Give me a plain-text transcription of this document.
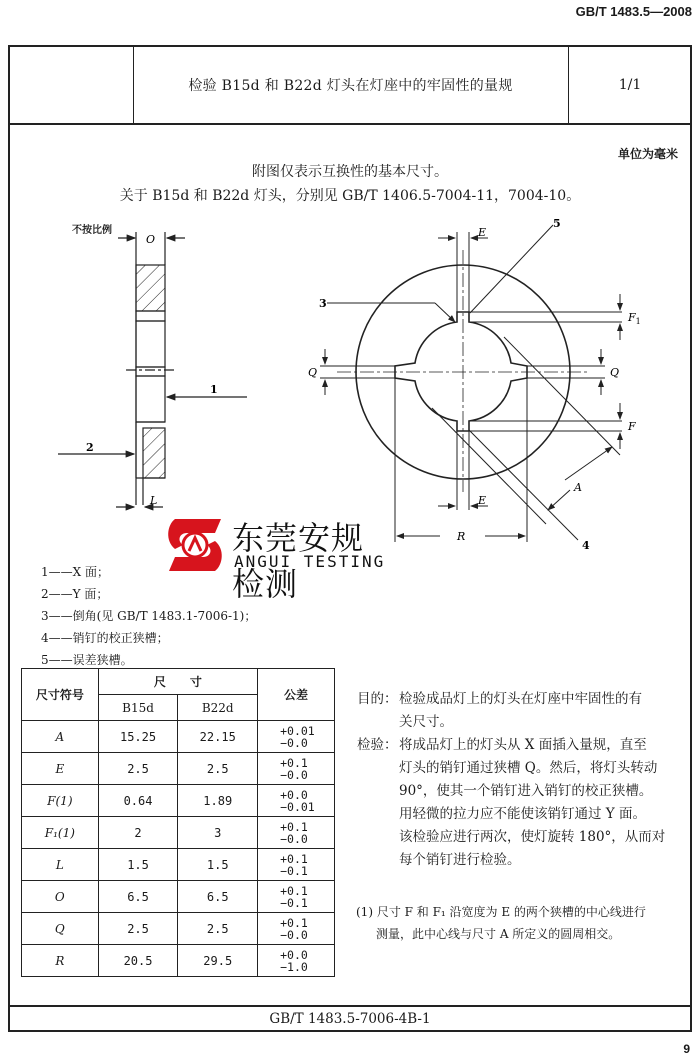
GB/T 1483.5—2008
检验 B15d 和 B22d 灯头在灯座中的牢固性的量规	1/1
单位为毫米
附图仅表示互换性的基本尺寸。
关于 B15d 和 B22d 灯头，分别见 GB/T 1406.5-7004-11，7004-10。
不按比例
O
L
1
2
E
E
$F_1$
F
Q	Q
R
A
3
5
4
东莞安规检测
ANGUI TESTING
1——X 面；
2——Y 面；
3——倒角(见 GB/T 1483.1-7006-1)；
4——销钉的校正狭槽；
5——误差狭槽。
尺寸符号	尺　　寸		公差
	B15d	B22d	
A	15.25	22.15	+0.01
−0.0

E	2.5	2.5	+0.1
−0.0

F(1)	0.64	1.89	+0.0
−0.01

F₁(1)	2	3	+0.1
−0.0

L	1.5	1.5	+0.1
−0.1

O	6.5	6.5	+0.1
−0.1

Q	2.5	2.5	+0.1
−0.0

R	20.5	29.5	+0.0
−1.0
目的： 检验成品灯上的灯头在灯座中牢固性的有
关尺寸。
检验： 将成品灯上的灯头从 X 面插入量规，直至
灯头的销钉通过狭槽 Q。然后，将灯头转动
90°，使其一个销钉进入销钉的校正狭槽。
用轻微的拉力应不能使该销钉通过 Y 面。
该检验应进行两次，使灯旋转 180°，从而对
每个销钉进行检验。
(1) 尺寸 F 和 F₁ 沿宽度为 E 的两个狭槽的中心线进行
测量，此中心线与尺寸 A 所定义的圆周相交。
GB/T 1483.5-7006-4B-1
9
